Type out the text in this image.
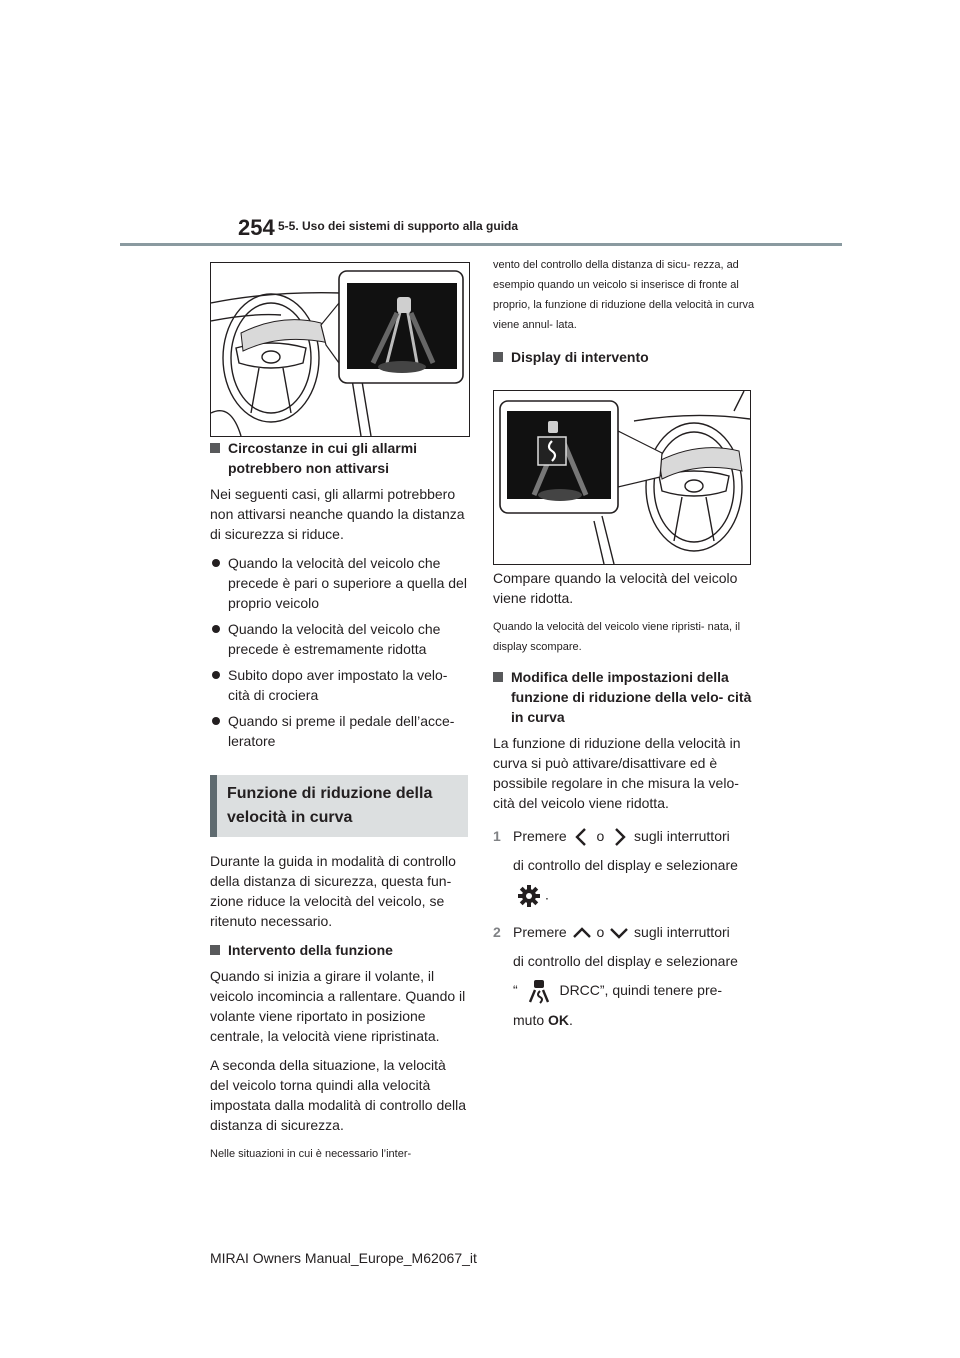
254 5-5. Uso dei sistemi di supporto alla guida
Circostanze in cui gli allarmi potrebbero non attivarsi

Nei seguenti casi, gli allarmi potrebbero non attivarsi neanche quando la distanza di sicurezza si riduce.

Quando la velocità del veicolo che precede è pari o superiore a quella del proprio veicolo
Quando la velocità del veicolo che precede è estremamente ridotta
Subito dopo aver impostato la velo- cità di crociera
Quando si preme il pedale dell’acce- leratore
Funzione di riduzione della velocità in curva

Durante la guida in modalità di controllo della distanza di sicurezza, questa fun- zione riduce la velocità del veicolo, se ritenuto necessario.

Intervento della funzione

Quando si inizia a girare il volante, il veicolo incomincia a rallentare. Quando il volante viene riportato in posizione centrale, la velocità viene ripristinata.

A seconda della situazione, la velocità del veicolo torna quindi alla velocità impostata dalla modalità di controllo della distanza di sicurezza.

Nelle situazioni in cui è necessario l’inter-

vento del controllo della distanza di sicu- rezza, ad esempio quando un veicolo si inserisce di fronte al proprio, la funzione di riduzione della velocità in curva viene annul- lata.

Display di intervento

Compare quando la velocità del veicolo viene ridotta.

Quando la velocità del veicolo viene ripristi- nata, il display scompare.

Modifica delle impostazioni della funzione di riduzione della velo- cità in curva

La funzione di riduzione della velocità in curva si può attivare/disattivare ed è possibile regolare in che misura la velo- cità del veicolo viene ridotta.

1 Premere o sugli interruttori
di controllo del display e selezionare
.
2 Premere o sugli interruttori
di controllo del display e selezionare
“	DRCC”, quindi tenere pre-
muto OK.
MIRAI Owners Manual_Europe_M62067_it
